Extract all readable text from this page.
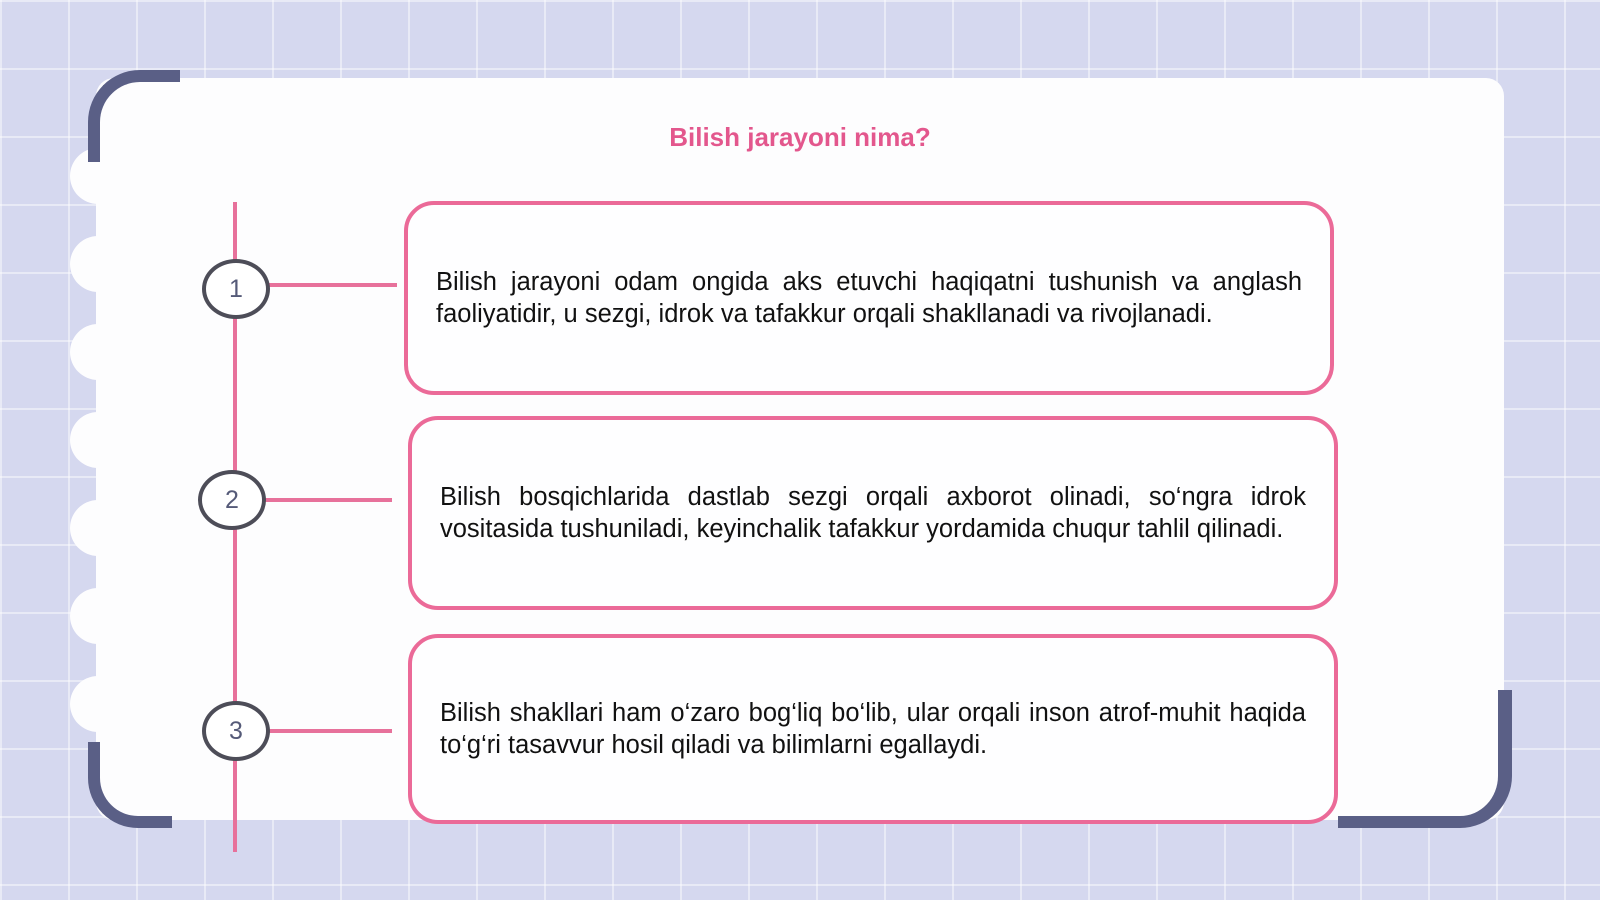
Bilish jarayoni nima?
1
2
3

Bilish jarayoni odam ongida aks etuvchi haqiqatni tushunish va anglash faoliyatidir, u sezgi, idrok va tafakkur orqali shakllanadi va rivojlanadi.

Bilish bosqichlarida dastlab sezgi orqali axborot olinadi, so‘ngra idrok vositasida tushuniladi, keyinchalik tafakkur yordamida chuqur tahlil qilinadi.

Bilish shakllari ham o‘zaro bog‘liq bo‘lib, ular orqali inson atrof-muhit haqida to‘g‘ri tasavvur hosil qiladi va bilimlarni egallaydi.
